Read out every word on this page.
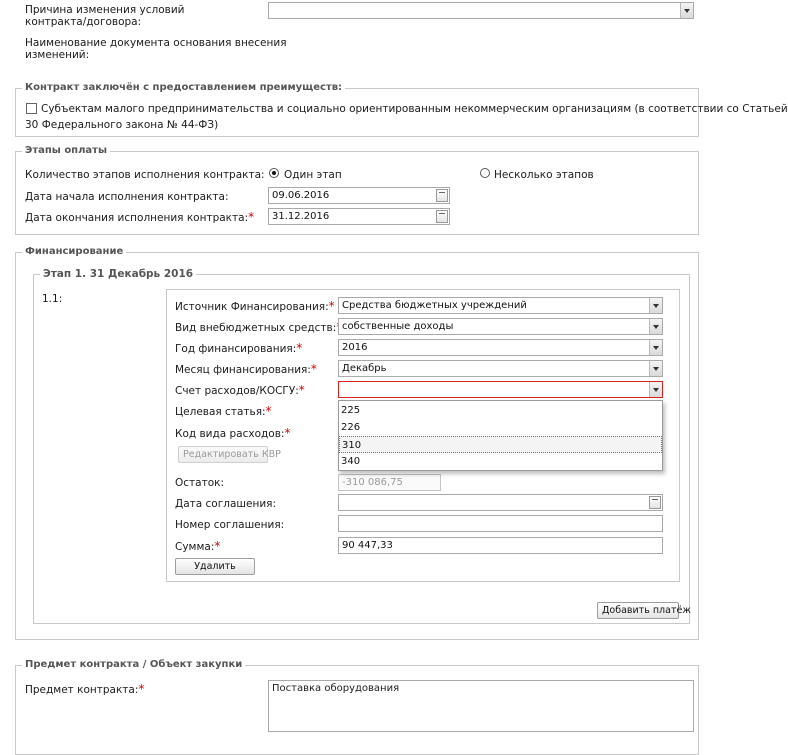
Причина изменения условий
контракта/договора:
Наименование документа основания внесения
изменений:
Контракт заключён с предоставлением преимуществ:
Субъектам малого предпринимательства и социально ориентированным некоммерческим организациям (в соответствии со Статьей
30 Федерального закона № 44-ФЗ)
Этапы оплаты
Количество этапов исполнения контракта: Один этап	Несколько этапов
Дата начала исполнения контракта:	09.06.2016
Дата окончания исполнения контракта:*	31.12.2016
Финансирование
Этап 1. 31 Декабрь 2016
1.1:
Источник Финансирования:* Средства бюджетных учреждений
Вид внебюджетных средств: собственные доходы
Год финансирования:*	2016
Месяц финансирования:*	Декабрь
Счет расходов/КОСГУ:*
Целевая статья:*
Код вида расходов:*
Редактировать КВР
Остаток:	-310 086,75
Дата соглашения:
Номер соглашения:
Сумма:*	90 447,33
Удалить
Добавить платёж
225
226
310
340
Предмет контракта / Объект закупки
Предмет контракта:*	Поставка оборудования
